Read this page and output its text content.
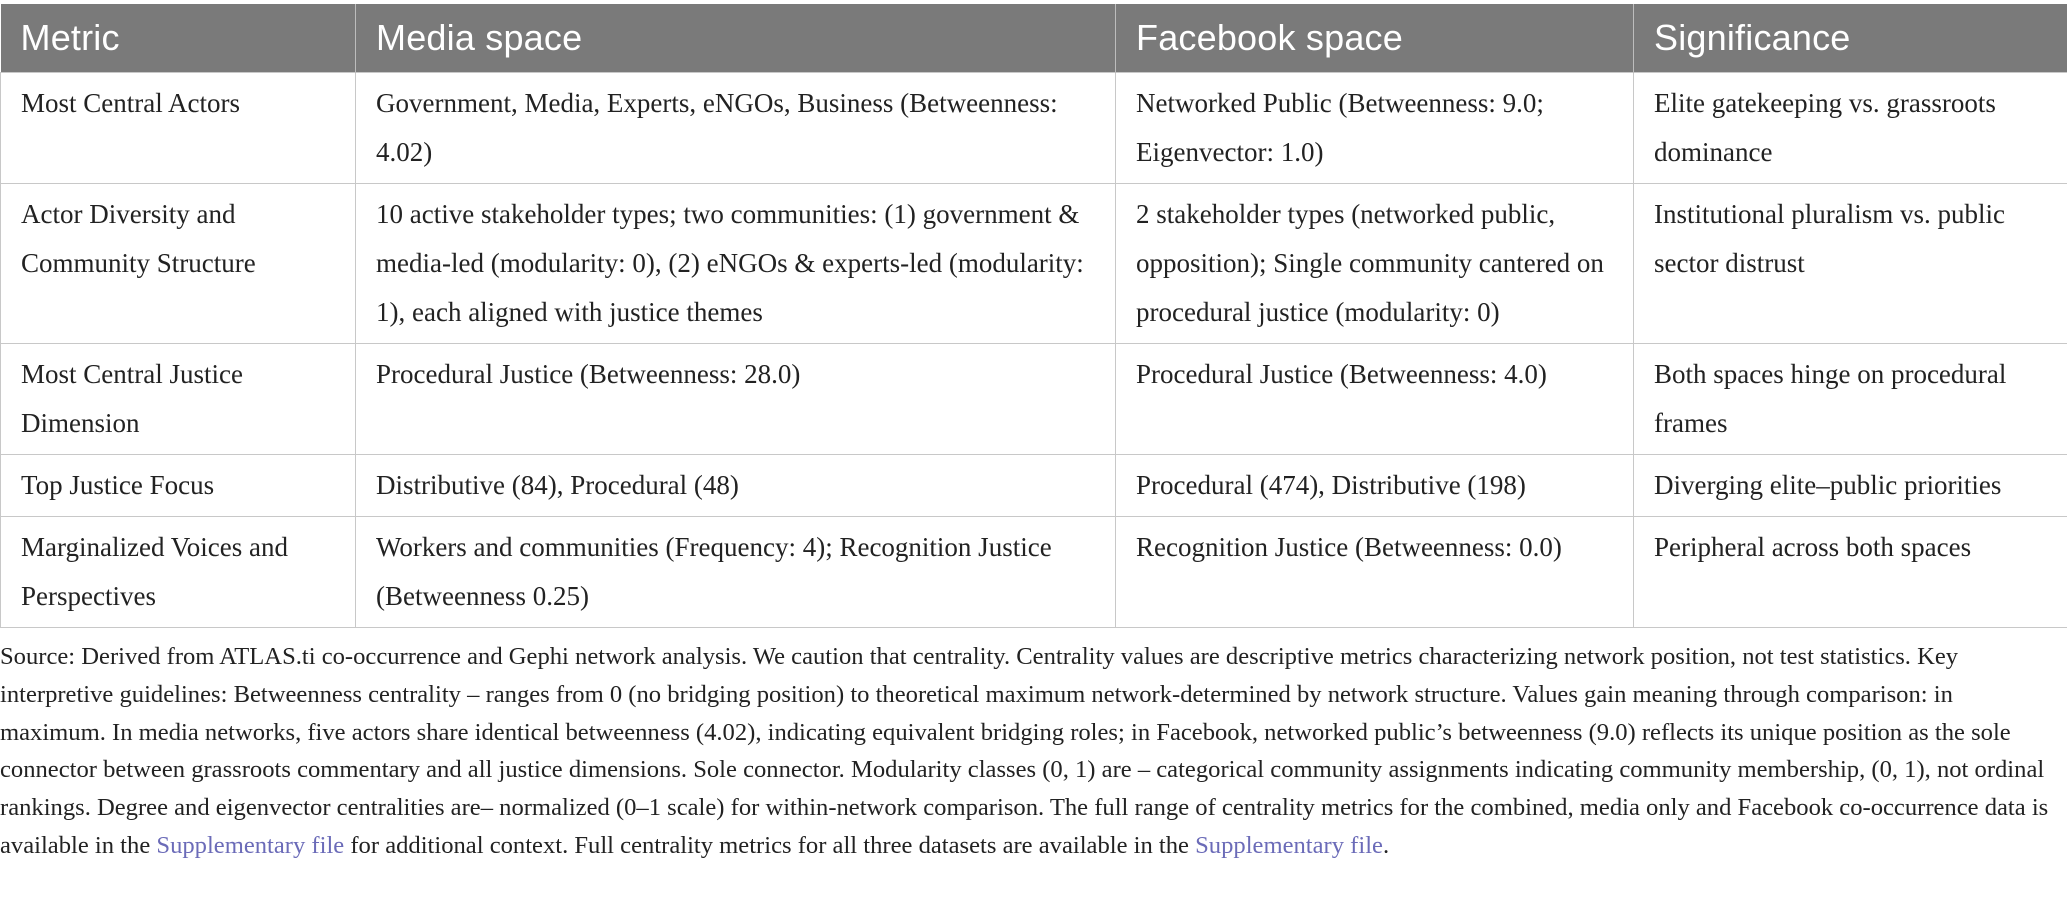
Metric	Media space	Facebook space	Significance
Most Central Actors	Government, Media, Experts, eNGOs, Business (Betweenness: 4.02)	Networked Public (Betweenness: 9.0; Eigenvector: 1.0)	Elite gatekeeping vs. grassroots dominance
Actor Diversity and Community Structure	10 active stakeholder types; two communities: (1) government & media-led (modularity: 0), (2) eNGOs & experts-led (modularity: 1), each aligned with justice themes	2 stakeholder types (networked public, opposition); Single community cantered on procedural justice (modularity: 0)	Institutional pluralism vs. public sector distrust
Most Central Justice Dimension	Procedural Justice (Betweenness: 28.0)	Procedural Justice (Betweenness: 4.0)	Both spaces hinge on procedural frames
Top Justice Focus	Distributive (84), Procedural (48)	Procedural (474), Distributive (198)	Diverging elite–public priorities
Marginalized Voices and Perspectives	Workers and communities (Frequency: 4); Recognition Justice (Betweenness 0.25)	Recognition Justice (Betweenness: 0.0)	Peripheral across both spaces
Source: Derived from ATLAS.ti co-occurrence and Gephi network analysis. We caution that centrality. Centrality values are descriptive metrics characterizing network position, not test statistics. Key interpretive guidelines: Betweenness centrality – ranges from 0 (no bridging position) to theoretical maximum network-determined by network structure. Values gain meaning through comparison: in maximum. In media networks, five actors share identical betweenness (4.02), indicating equivalent bridging roles; in Facebook, networked public’s betweenness (9.0) reflects its unique position as the sole connector between grassroots commentary and all justice dimensions. Sole connector. Modularity classes (0, 1) are – categorical community assignments indicating community membership, (0, 1), not ordinal rankings. Degree and eigenvector centralities are– normalized (0–1 scale) for within-network comparison. The full range of centrality metrics for the combined, media only and Facebook co-occurrence data is available in the Supplementary file for additional context. Full centrality metrics for all three datasets are available in the Supplementary file.
